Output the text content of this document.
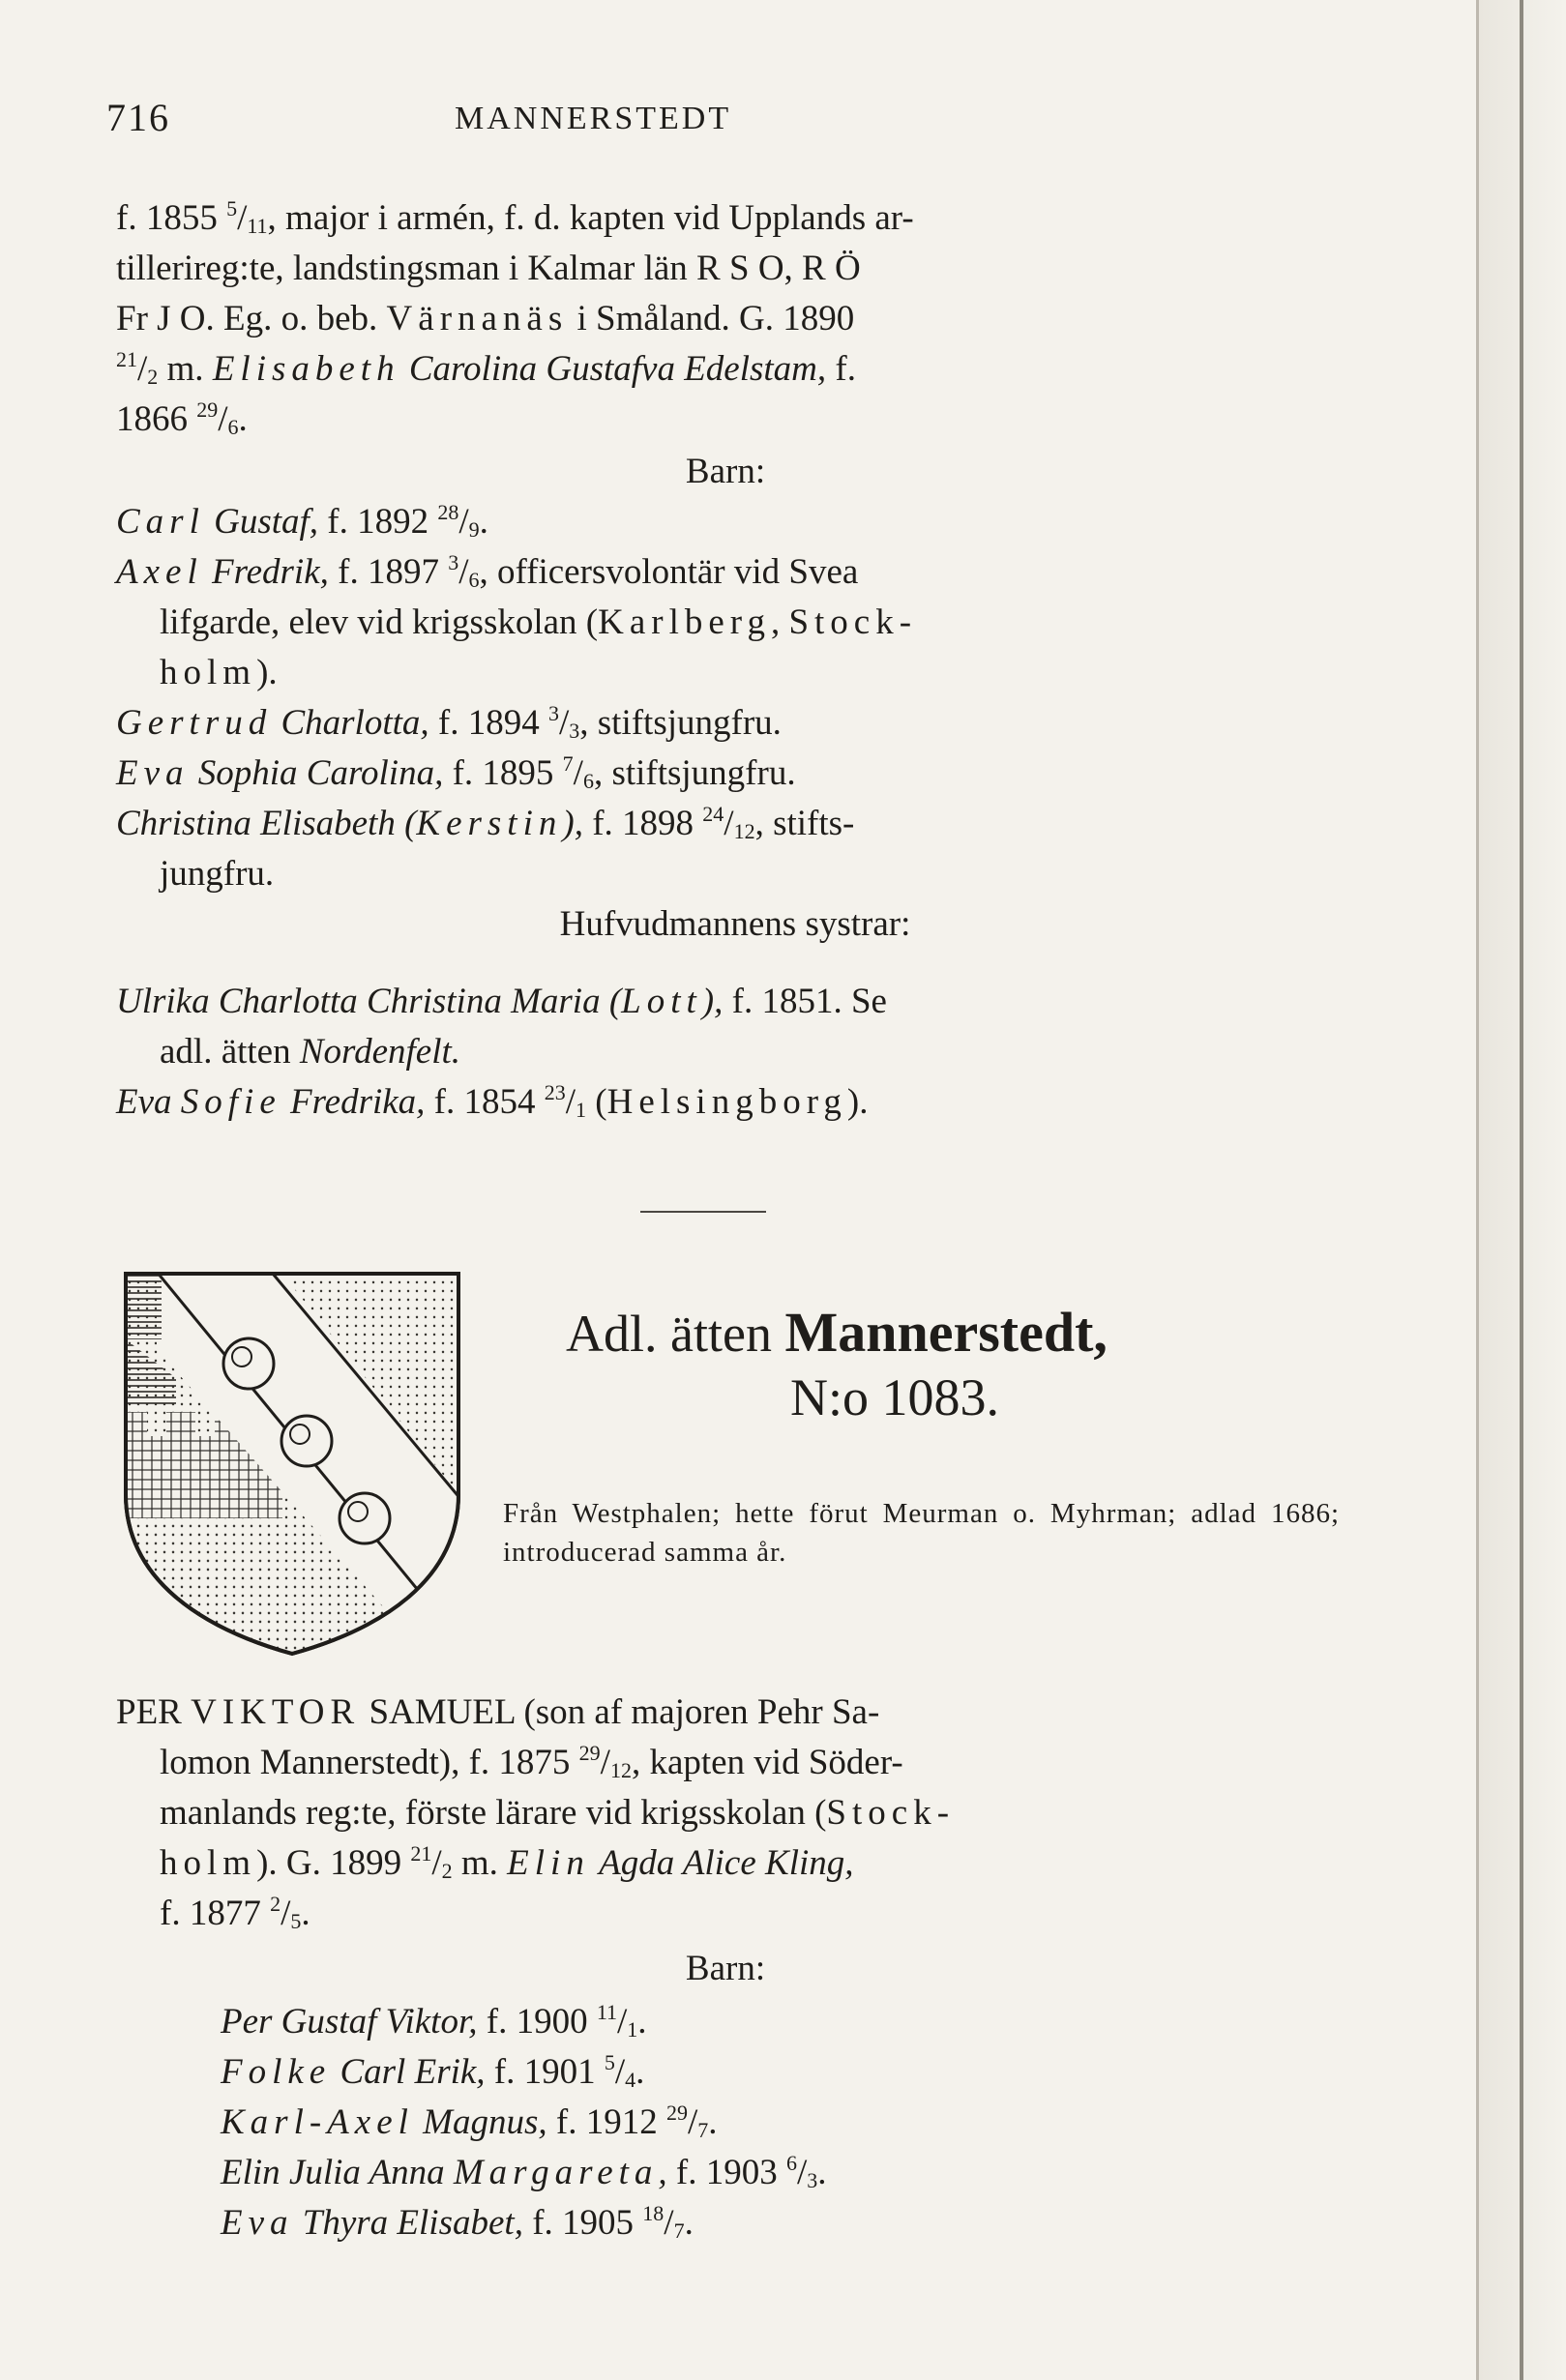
716	MANNERSTEDT
f. 1855 $^5/_{11}$, major i armén, f. d. kapten vid Upplands ar-
tillerireg:te, landstingsman i Kalmar län R S O, R Ö
Fr J O. Eg. o. beb. Värnanäs i Småland. G. 1890
$^{21}/_2$ m. Elisabeth Carolina Gustafva Edelstam, f.
1866 $^{29}/_6$.
Barn:
Carl Gustaf, f. 1892 $^{28}/_9$.
Axel Fredrik, f. 1897 $^3/_6$, officersvolontär vid Svea
lifgarde, elev vid krigsskolan (Karlberg, Stock-
holm).
Gertrud Charlotta, f. 1894 $^3/_3$, stiftsjungfru.
Eva Sophia Carolina, f. 1895 $^7/_6$, stiftsjungfru.
Christina Elisabeth (Kerstin), f. 1898 $^{24}/_{12}$, stifts-
jungfru.
Hufvudmannens systrar:
Ulrika Charlotta Christina Maria (Lott), f. 1851. Se
adl. ätten Nordenfelt.
Eva Sofie Fredrika, f. 1854 $^{23}/_1$ (Helsingborg).
Adl. ätten Mannerstedt,
N:o 1083.
Från Westphalen; hette förut Meurman o. Myhrman; adlad 1686; introducerad samma år.
PER VIKTOR SAMUEL (son af majoren Pehr Sa-
lomon Mannerstedt), f. 1875 $^{29}/_{12}$, kapten vid Söder-
manlands reg:te, förste lärare vid krigsskolan (Stock-
holm). G. 1899 $^{21}/_2$ m. Elin Agda Alice Kling,
f. 1877 $^2/_5$.
Barn:
Per Gustaf Viktor, f. 1900 $^{11}/_1$.
Folke Carl Erik, f. 1901 $^5/_4$.
Karl-Axel Magnus, f. 1912 $^{29}/_7$.
Elin Julia Anna Margareta, f. 1903 $^6/_3$.
Eva Thyra Elisabet, f. 1905 $^{18}/_7$.
